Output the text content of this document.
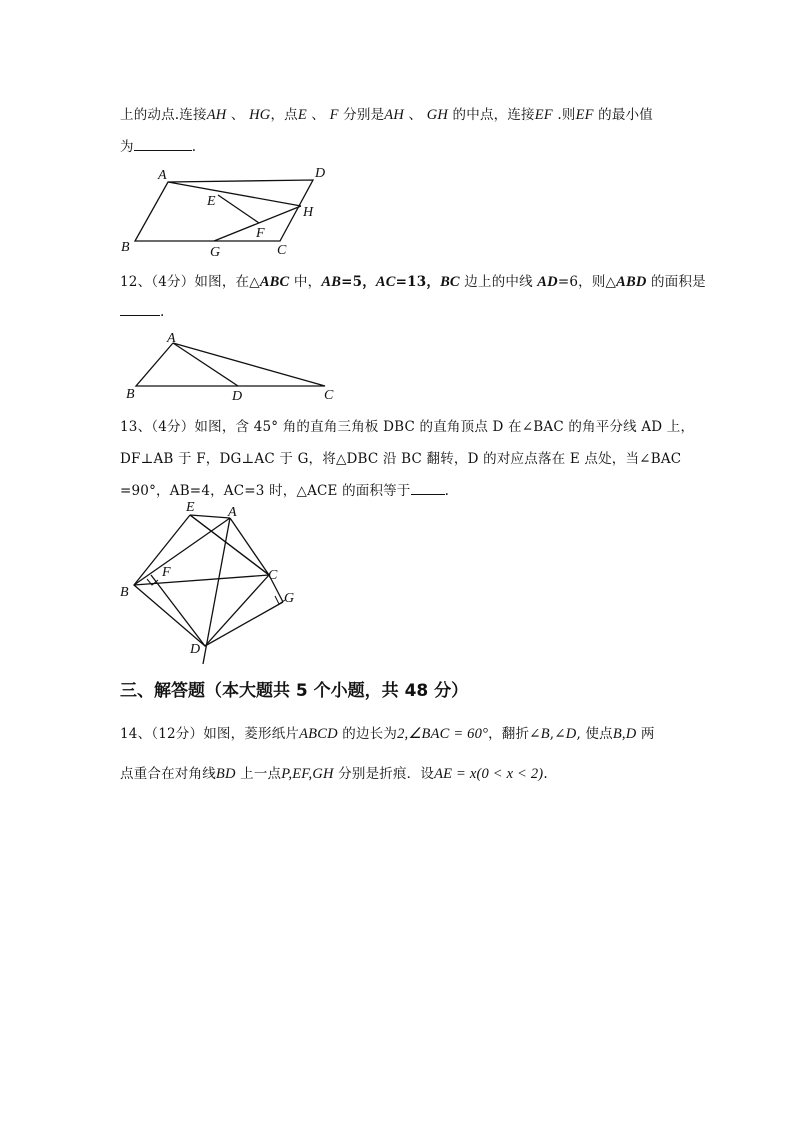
上的动点.连接AH 、 HG，点E 、 F 分别是AH 、 GH 的中点，连接EF .则EF 的最小值
为	.
A	D
E
H
F
B	G	C
12、（4分）如图，在△ABC 中，AB=5，AC=13，BC 边上的中线 AD=6，则△ABD 的面积是
.
A
B	D	C
13、（4分）如图，含 45° 角的直角三角板 DBC 的直角顶点 D 在∠BAC 的角平分线 AD 上，
DF⊥AB 于 F，DG⊥AC 于 G，将△DBC 沿 BC 翻转，D 的对应点落在 E 点处，当∠BAC
=90°，AB=4，AC=3 时，△ACE 的面积等于	.
E A
F
B
C
G
D
三、解答题（本大题共 5 个小题，共 48 分）
14、（12分）如图，菱形纸片ABCD 的边长为2,∠BAC = 60°，翻折∠B,∠D, 使点B,D 两
点重合在对角线BD 上一点P,EF,GH 分别是折痕．设AE = x(0 < x < 2).
